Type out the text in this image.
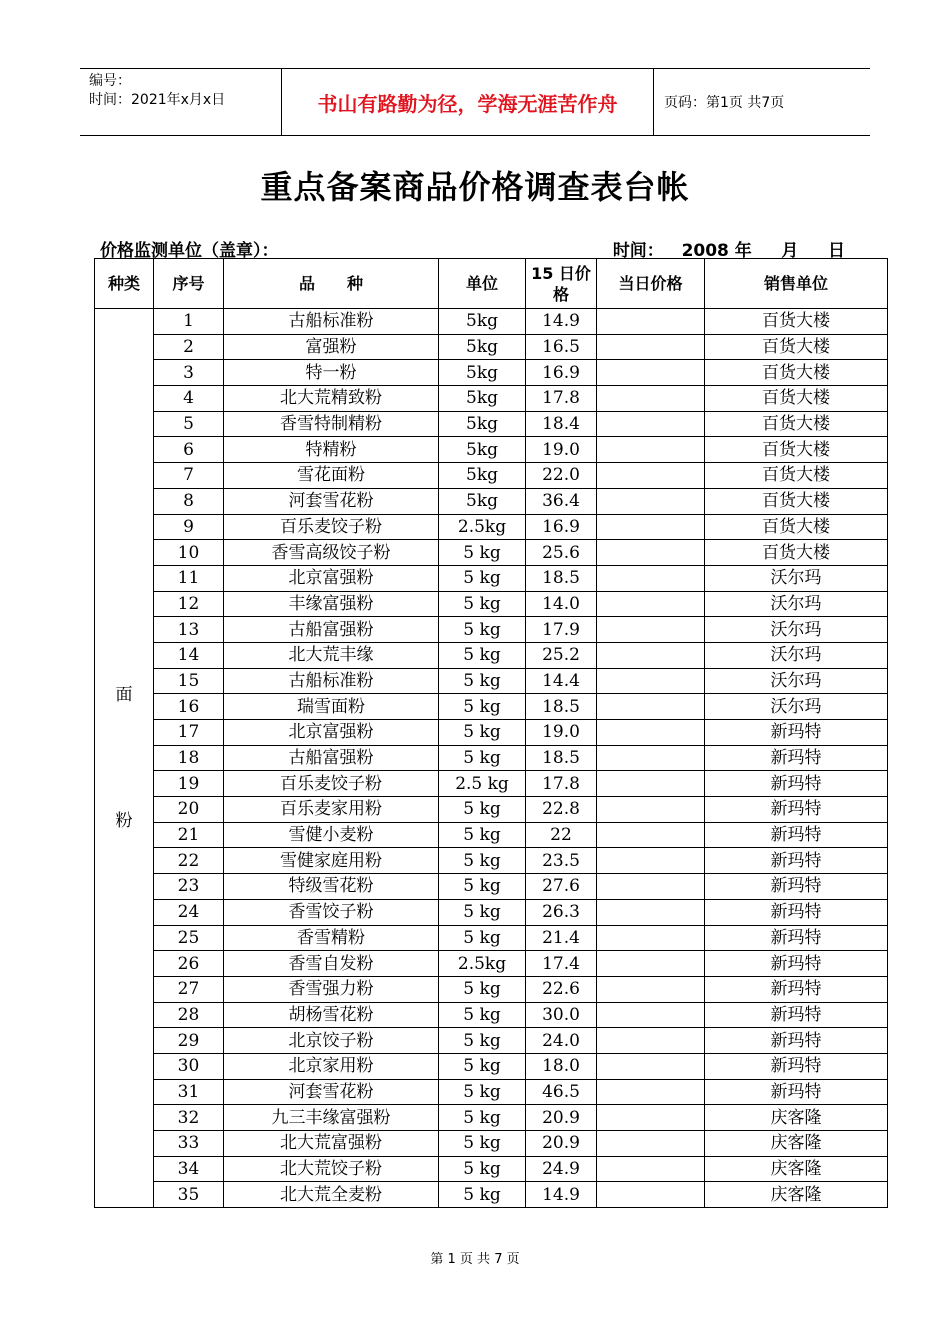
编号：
时间：2021年x月x日	书山有路勤为径，学海无涯苦作舟	页码：第1页 共7页
重点备案商品价格调查表台帐
价格监测单位（盖章）：	时间：   2008 年     月     日
种类	序号	品　　种	单位	15 日价格	当日价格	销售单位

面
粉	1	古船标准粉	5kg	14.9		百货大楼
	2	富强粉	5kg	16.5		百货大楼
	3	特一粉	5kg	16.9		百货大楼
	4	北大荒精致粉	5kg	17.8		百货大楼
	5	香雪特制精粉	5kg	18.4		百货大楼
	6	特精粉	5kg	19.0		百货大楼
	7	雪花面粉	5kg	22.0		百货大楼
	8	河套雪花粉	5kg	36.4		百货大楼
	9	百乐麦饺子粉	2.5kg	16.9		百货大楼
	10	香雪高级饺子粉	5 kg	25.6		百货大楼
	11	北京富强粉	5 kg	18.5		沃尔玛
	12	丰缘富强粉	5 kg	14.0		沃尔玛
	13	古船富强粉	5 kg	17.9		沃尔玛
	14	北大荒丰缘	5 kg	25.2		沃尔玛
	15	古船标准粉	5 kg	14.4		沃尔玛
	16	瑞雪面粉	5 kg	18.5		沃尔玛
	17	北京富强粉	5 kg	19.0		新玛特
	18	古船富强粉	5 kg	18.5		新玛特
	19	百乐麦饺子粉	2.5 kg	17.8		新玛特
	20	百乐麦家用粉	5 kg	22.8		新玛特
	21	雪健小麦粉	5 kg	22		新玛特
	22	雪健家庭用粉	5 kg	23.5		新玛特
	23	特级雪花粉	5 kg	27.6		新玛特
	24	香雪饺子粉	5 kg	26.3		新玛特
	25	香雪精粉	5 kg	21.4		新玛特
	26	香雪自发粉	2.5kg	17.4		新玛特
	27	香雪强力粉	5 kg	22.6		新玛特
	28	胡杨雪花粉	5 kg	30.0		新玛特
	29	北京饺子粉	5 kg	24.0		新玛特
	30	北京家用粉	5 kg	18.0		新玛特
	31	河套雪花粉	5 kg	46.5		新玛特
	32	九三丰缘富强粉	5 kg	20.9		庆客隆
	33	北大荒富强粉	5 kg	20.9		庆客隆
	34	北大荒饺子粉	5 kg	24.9		庆客隆
	35	北大荒全麦粉	5 kg	14.9		庆客隆
第 1 页 共 7 页
